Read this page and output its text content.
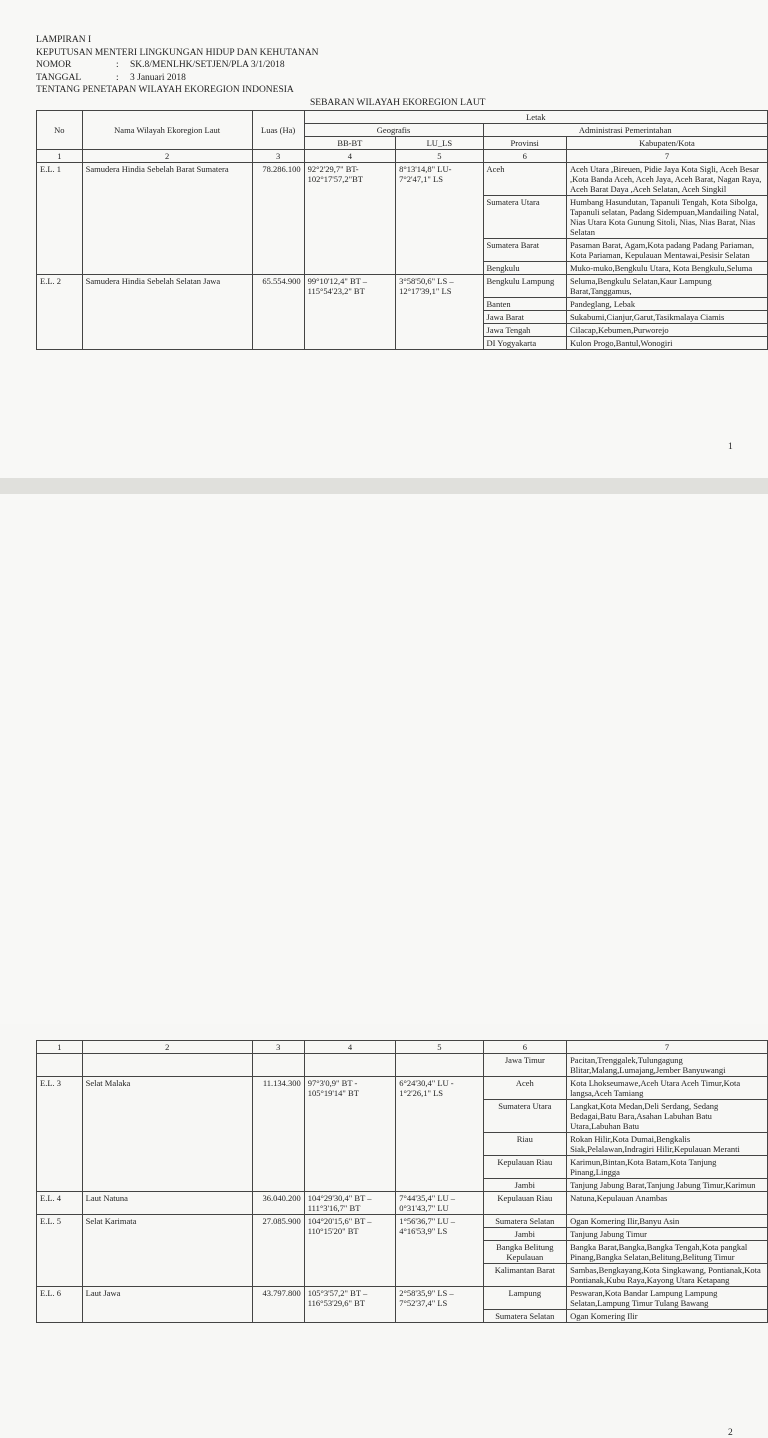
LAMPIRAN I
KEPUTUSAN MENTERI LINGKUNGAN HIDUP DAN KEHUTANAN
NOMOR	: SK.8/MENLHK/SETJEN/PLA 3/1/2018
TANGGAL	: 3 Januari 2018
TENTANG PENETAPAN WILAYAH EKOREGION INDONESIA
SEBARAN WILAYAH EKOREGION LAUT
No	Nama Wilayah Ekoregion Laut	Luas (Ha)	Letak			
			Geografis		Administrasi Pemerintahan	
			BB-BT	LU_LS	Provinsi	Kabupaten/Kota
1	2	3	4	5	6	7
E.L. 1	Samudera Hindia Sebelah Barat Sumatera	78.286.100	92°2'29,7" BT- 102°17'57,2"BT	8°13'14,8" LU- 7°2'47,1" LS	Aceh	Aceh Utara ,Bireuen, Pidie Jaya Kota Sigli, Aceh Besar ,Kota Banda Aceh, Aceh Jaya, Aceh Barat, Nagan Raya, Aceh Barat Daya ,Aceh Selatan, Aceh Singkil
					Sumatera Utara	Humbang Hasundutan, Tapanuli Tengah, Kota Sibolga, Tapanuli selatan, Padang Sidempuan,Mandailing Natal, Nias Utara Kota Gunung Sitoli, Nias, Nias Barat, Nias Selatan
					Sumatera Barat	Pasaman Barat, Agam,Kota padang Padang Pariaman, Kota Pariaman, Kepulauan Mentawai,Pesisir Selatan
					Bengkulu	Muko-muko,Bengkulu Utara, Kota Bengkulu,Seluma
E.L. 2	Samudera Hindia Sebelah Selatan Jawa	65.554.900	99°10'12,4" BT – 115°54'23,2" BT	3°58'50,6" LS – 12°17'39,1" LS	Bengkulu Lampung	Seluma,Bengkulu Selatan,Kaur Lampung Barat,Tanggamus,
					Banten	Pandeglang, Lebak
					Jawa Barat	Sukabumi,Cianjur,Garut,Tasikmalaya Ciamis
					Jawa Tengah	Cilacap,Kebumen,Purworejo
					DI Yogyakarta	Kulon Progo,Bantul,Wonogiri
1
1	2	3	4	5	6	7
					Jawa Timur	Pacitan,Trenggalek,Tulungagung Blitar,Malang,Lumajang,Jember Banyuwangi
E.L. 3	Selat Malaka	11.134.300	97°3'0,9" BT - 105°19'14" BT	6°24'30,4" LU - 1°2'26,1" LS	Aceh	Kota Lhokseumawe,Aceh Utara Aceh Timur,Kota langsa,Aceh Tamiang
					Sumatera Utara	Langkat,Kota Medan,Deli Serdang, Sedang Bedagai,Batu Bara,Asahan Labuhan Batu Utara,Labuhan Batu
					Riau	Rokan Hilir,Kota Dumai,Bengkalis Siak,Pelalawan,Indragiri Hilir,Kepulauan Meranti
					Kepulauan Riau	Karimun,Bintan,Kota Batam,Kota Tanjung Pinang,Lingga
					Jambi	Tanjung Jabung Barat,Tanjung Jabung Timur,Karimun
E.L. 4	Laut Natuna	36.040.200	104°29'30,4" BT – 111°3'16,7" BT	7°44'35,4" LU – 0°31'43,7" LU	Kepulauan Riau	Natuna,Kepulauan Anambas
E.L. 5	Selat Karimata	27.085.900	104°20'15,6" BT – 110°15'20" BT	1°56'36,7" LU – 4°16'53,9" LS	Sumatera Selatan	Ogan Komering Ilir,Banyu Asin
					Jambi	Tanjung Jabung Timur
					Bangka Belitung Kepulauan	Bangka Barat,Bangka,Bangka Tengah,Kota pangkal Pinang,Bangka Selatan,Belitung,Belitung Timur
					Kalimantan Barat	Sambas,Bengkayang,Kota Singkawang, Pontianak,Kota Pontianak,Kubu Raya,Kayong Utara Ketapang
E.L. 6	Laut Jawa	43.797.800	105°3'57,2" BT – 116°53'29,6" BT	2°58'35,9" LS – 7°52'37,4" LS	Lampung	Peswaran,Kota Bandar Lampung Lampung Selatan,Lampung Timur Tulang Bawang
					Sumatera Selatan	Ogan Komering Ilir
2
